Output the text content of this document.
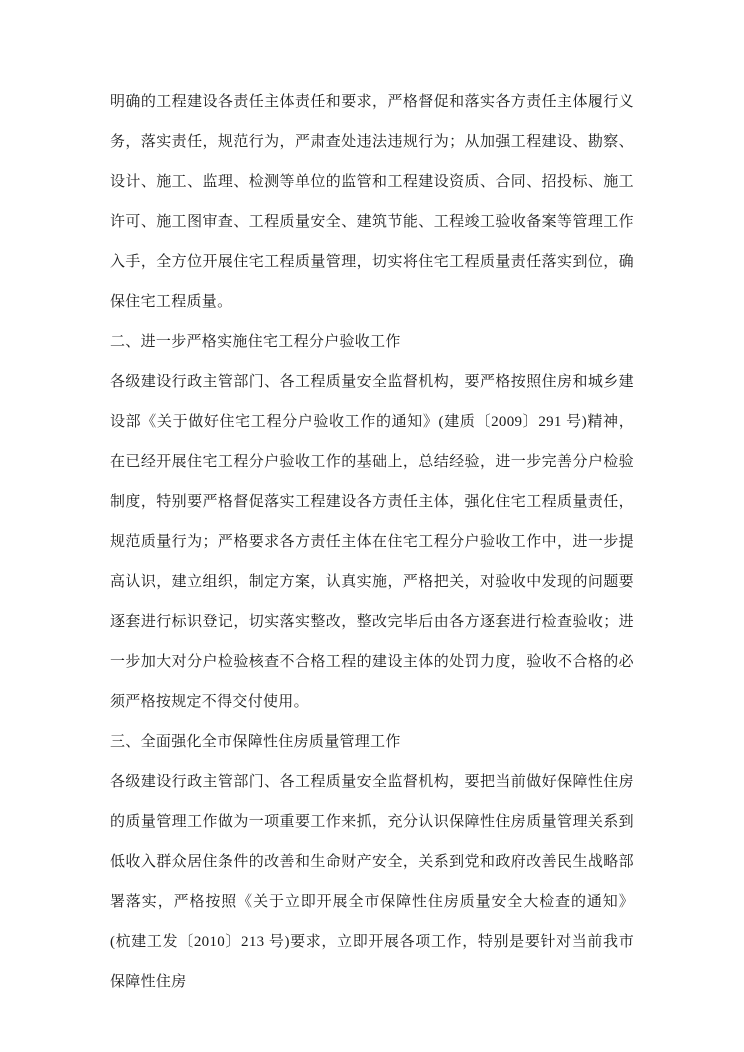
明确的工程建设各责任主体责任和要求，严格督促和落实各方责任主体履行义务，落实责任，规范行为，严肃查处违法违规行为；从加强工程建设、勘察、设计、施工、监理、检测等单位的监管和工程建设资质、合同、招投标、施工许可、施工图审查、工程质量安全、建筑节能、工程竣工验收备案等管理工作入手，全方位开展住宅工程质量管理，切实将住宅工程质量责任落实到位，确保住宅工程质量。

二、进一步严格实施住宅工程分户验收工作

各级建设行政主管部门、各工程质量安全监督机构，要严格按照住房和城乡建设部《关于做好住宅工程分户验收工作的通知》(建质〔2009〕291 号)精神，在已经开展住宅工程分户验收工作的基础上，总结经验，进一步完善分户检验制度，特别要严格督促落实工程建设各方责任主体，强化住宅工程质量责任，规范质量行为；严格要求各方责任主体在住宅工程分户验收工作中，进一步提高认识，建立组织，制定方案，认真实施，严格把关，对验收中发现的问题要逐套进行标识登记，切实落实整改，整改完毕后由各方逐套进行检查验收；进一步加大对分户检验核查不合格工程的建设主体的处罚力度，验收不合格的必须严格按规定不得交付使用。

三、全面强化全市保障性住房质量管理工作

各级建设行政主管部门、各工程质量安全监督机构，要把当前做好保障性住房的质量管理工作做为一项重要工作来抓，充分认识保障性住房质量管理关系到低收入群众居住条件的改善和生命财产安全，关系到党和政府改善民生战略部署落实，严格按照《关于立即开展全市保障性住房质量安全大检查的通知》(杭建工发〔2010〕213 号)要求，立即开展各项工作，特别是要针对当前我市保障性住房
